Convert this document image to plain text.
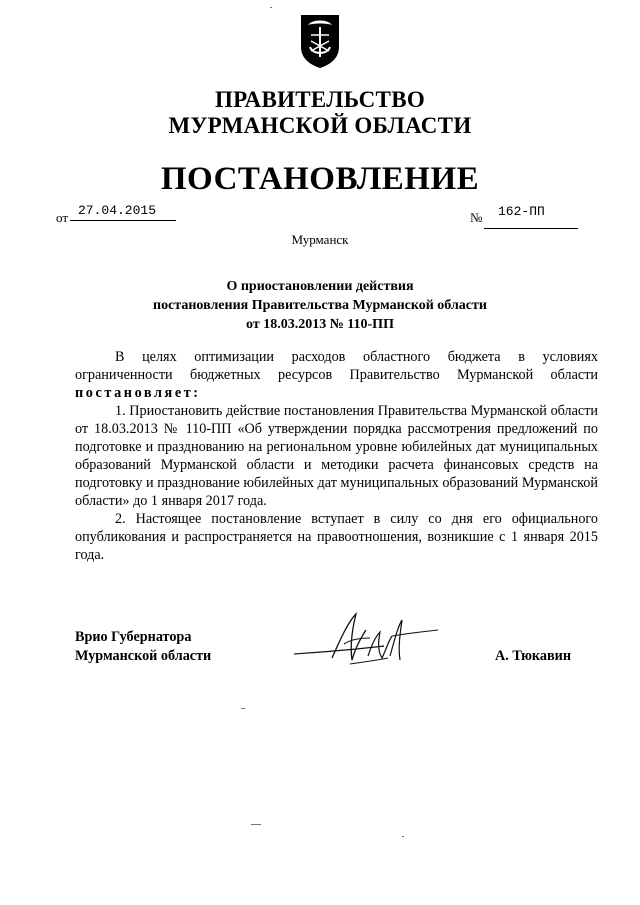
ПРАВИТЕЛЬСТВО
МУРМАНСКОЙ ОБЛАСТИ
ПОСТАНОВЛЕНИЕ
от 27.04.2015	№ 162-ПП
Мурманск
О приостановлении действия
постановления Правительства Мурманской области
от 18.03.2013 № 110-ПП

В целях оптимизации расходов областного бюджета в условиях ограниченности бюджетных ресурсов Правительство Мурманской области постановляет:

1. Приостановить действие постановления Правительства Мурманской области от 18.03.2013 № 110-ПП «Об утверждении порядка рассмотрения предложений по подготовке и празднованию на региональном уровне юбилейных дат муниципальных образований Мурманской области и методики расчета финансовых средств на подготовку и празднование юбилейных дат муниципальных образований Мурманской области» до 1 января 2017 года.

2. Настоящее постановление вступает в силу со дня его официального опубликования и распространяется на правоотношения, возникшие с 1 января 2015 года.

Врио Губернатора
Мурманской области	А. Тюкавин
